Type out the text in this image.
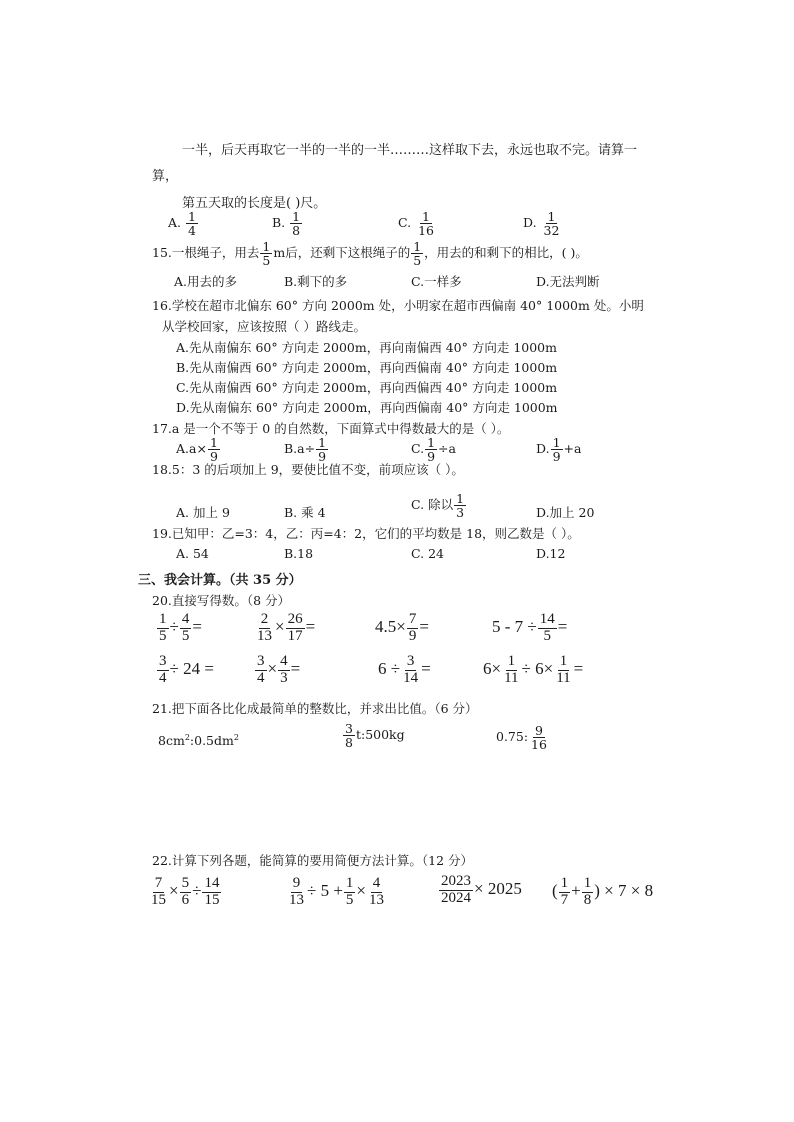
一半，后天再取它一半的一半的一半………这样取下去，永远也取不完。请算一
算，
第五天取的长度是( )尺。
A. $\frac{1}{4}$	B. $\frac{1}{8}$	C. $\frac{1}{16}$	D. $\frac{1}{32}$
15.一根绳子，用去 $\frac{1}{5}$ m后，还剩下这根绳子的 $\frac{1}{5}$ ，用去的和剩下的相比，( )。
A.用去的多	B.剩下的多	C.一样多	D.无法判断
16.学校在超市北偏东 60° 方向 2000m 处，小明家在超市西偏南 40° 1000m 处。小明
从学校回家，应该按照（ ）路线走。
A.先从南偏东 60° 方向走 2000m，再向南偏西 40° 方向走 1000m
B.先从南偏西 60° 方向走 2000m，再向西偏南 40° 方向走 1000m
C.先从南偏西 60° 方向走 2000m，再向西偏西 40° 方向走 1000m
D.先从南偏东 60° 方向走 2000m，再向西偏南 40° 方向走 1000m
17.a 是一个不等于 0 的自然数，下面算式中得数最大的是（ ）。
$A.a\times \frac{1}{9}$	$B.a\div \frac{1}{9}$	C. $\frac{1}{9} \div a$	D. $\frac{1}{9} +a$
18.5：3 的后项加上 9，要使比值不变，前项应该（ ）。
A. 加上 9	B. 乘 4
C. 除以 $\frac{1}{3}$	D.加上 20
19.已知甲：乙=3：4，乙：丙=4：2，它们的平均数是 18，则乙数是（ ）。
A. 54	B.18	C. 24	D.12
三、我会计算。（共 35 分）
20.直接写得数。（8 分）
$\frac{1}{5} \div \frac{4}{5}$ =	$\frac{2}{13} \times \frac{26}{17}$ =	$4.5\times \frac{7}{9}$ =	$5 - 7 \div \frac{14}{5}$ =
$\frac{3}{4} \div 24$ =	$\frac{3}{4} \times \frac{4}{3}$ =	$6 \div \frac{3}{14}$ =	$6\times \frac{1}{11} \div 6\times \frac{1}{11}$ =
21.把下面各比化成最简单的整数比，并求出比值。（6 分）
$8cm^2:0.5dm^2$	$\frac{3}{8}$ t:500kg	0.75: $\frac{9}{16}$
22.计算下列各题，能简算的要用简便方法计算。（12 分）
$\frac{7}{15} \times \frac{5}{6} \div \frac{14}{15}$	$\frac{9}{13} \div 5 + \frac{1}{5} \times \frac{4}{13}$	$\frac{2023}{2024} \times 2025$ ( $\frac{1}{7} + \frac{1}{8}$ ) × 7 × 8
